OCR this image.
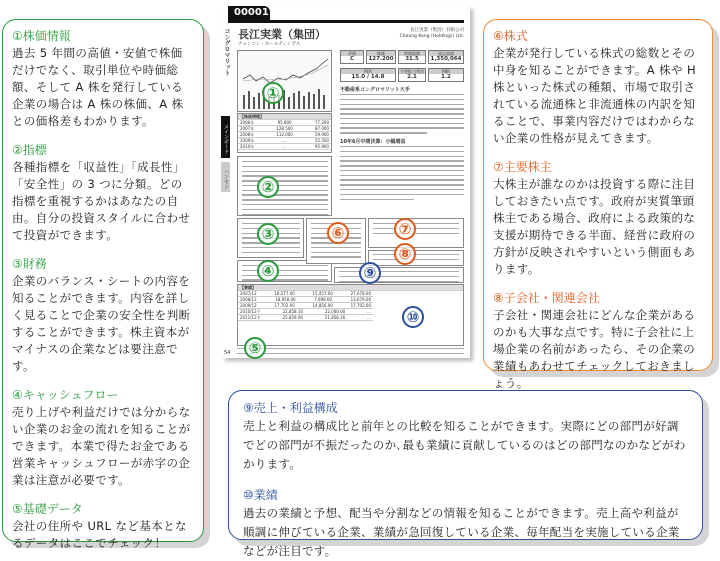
①株価情報

過去 5 年間の高値・安値で株価だけでなく、取引単位や時価総額、そして A 株を発行している企業の場合は A 株の株価、A 株との価格差もわかります。

②指標

各種指標を「収益性」「成長性」「安全性」の 3 つに分類。どの指標を重視するかはあなたの自由。自分の投資スタイルに合わせて投資ができます。

③財務

企業のバランス・シートの内容を知ることができます。内容を詳しく見ることで企業の安全性を判断することができます。株主資本がマイナスの企業などは要注意です。

④キャッシュフロー

売り上げや利益だけでは分からない企業のお金の流れを知ることができます。本業で得たお金である営業キャッシュフローが赤字の企業は注意が必要です。

⑤基礎データ

会社の住所や URL など基本となるデータはここでチェック！

⑥株式

企業が発行している株式の総数とその中身を知ることができます。A 株や H 株といった株式の種類、市場で取引されている流通株と非流通株の内訳を知ることで、事業内容だけではわからない企業の性格が見えてきます。

⑦主要株主

大株主が誰なのかは投資する際に注目しておきたい点です。政府が実質筆頭株主である場合、政府による政策的な支援が期待できる半面、経営に政府の方針が反映されやすいという側面もあります。

⑧子会社・関連会社

子会社・関連会社にどんな企業があるのかも大事な点です。特に子会社に上場企業の名前があったら、その企業の業績もあわせてチェックしておきましょう。

⑨売上・利益構成

売上と利益の構成比と前年との比較を知ることができます。実際にどの部門が好調でどの部門が不振だったのか､最も業績に貢献しているのはどの部門なのかなどがわかります。

⑩業績

過去の業績と予想、配当や分割などの情報を知ることができます。売上高や利益が順調に伸びている企業、業績が急回復している企業、毎年配当を実施している企業などが注目です。

00001
コングロマリット
メインボード
ハンセン
長江実業（集団）
チョンコン・ホールディングス
長江実業（集団）有限公司
Cheung Kong (Holdings) Ltd.
評価
C
株価
127.200
時価総額
31.5
過去高値
1,350,064
PER
15.0 / 14.8
予想配当利回
2.1
PBR
1.2
不動産系コングロマリット大手
10年6月中間決算：小幅増益
【株価情報】
2006年	95.800	77.200
2007年	128.500	87.000
2008年	112.000	59.900
2009年	...	55.500
2010年	...	95.800
【業績】
2007/12	18,277.00	15,457.00	27,678.00
2008/12	18,958.00	7,998.00	13,679.00
2009/12	17,702.00	14,856.00	17,702.00
2010/12予	22,858.16	22,000.00	...
2011/12予	25,859.06	21,858.16	...
54
①
②
③
④
⑤
⑥	⑦
⑧
⑨
⑩
